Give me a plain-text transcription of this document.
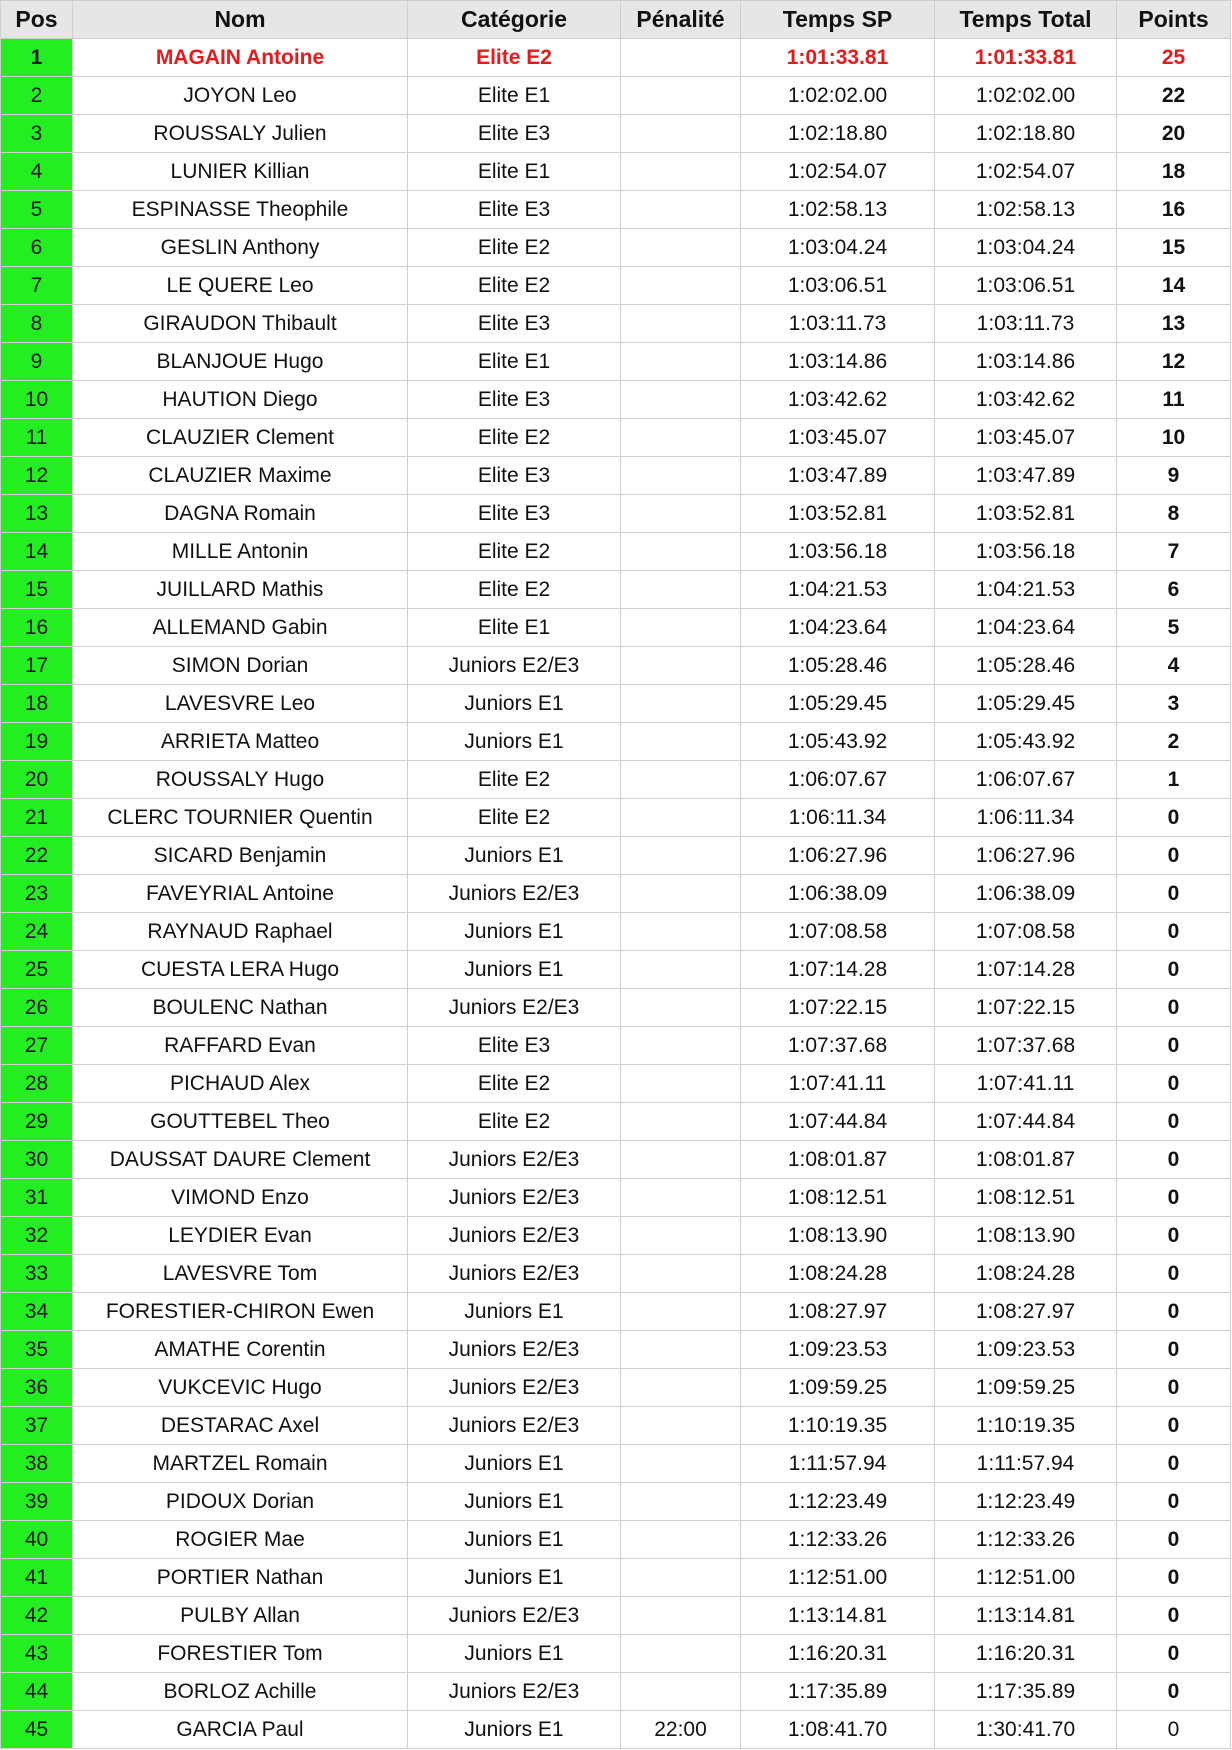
Pos	Nom	Catégorie	Pénalité	Temps SP	Temps Total	Points
1	MAGAIN Antoine	Elite E2		1:01:33.81	1:01:33.81	25
2	JOYON Leo	Elite E1		1:02:02.00	1:02:02.00	22
3	ROUSSALY Julien	Elite E3		1:02:18.80	1:02:18.80	20
4	LUNIER Killian	Elite E1		1:02:54.07	1:02:54.07	18
5	ESPINASSE Theophile	Elite E3		1:02:58.13	1:02:58.13	16
6	GESLIN Anthony	Elite E2		1:03:04.24	1:03:04.24	15
7	LE QUERE Leo	Elite E2		1:03:06.51	1:03:06.51	14
8	GIRAUDON Thibault	Elite E3		1:03:11.73	1:03:11.73	13
9	BLANJOUE Hugo	Elite E1		1:03:14.86	1:03:14.86	12
10	HAUTION Diego	Elite E3		1:03:42.62	1:03:42.62	11
11	CLAUZIER Clement	Elite E2		1:03:45.07	1:03:45.07	10
12	CLAUZIER Maxime	Elite E3		1:03:47.89	1:03:47.89	9
13	DAGNA Romain	Elite E3		1:03:52.81	1:03:52.81	8
14	MILLE Antonin	Elite E2		1:03:56.18	1:03:56.18	7
15	JUILLARD Mathis	Elite E2		1:04:21.53	1:04:21.53	6
16	ALLEMAND Gabin	Elite E1		1:04:23.64	1:04:23.64	5
17	SIMON Dorian	Juniors E2/E3		1:05:28.46	1:05:28.46	4
18	LAVESVRE Leo	Juniors E1		1:05:29.45	1:05:29.45	3
19	ARRIETA Matteo	Juniors E1		1:05:43.92	1:05:43.92	2
20	ROUSSALY Hugo	Elite E2		1:06:07.67	1:06:07.67	1
21	CLERC TOURNIER Quentin	Elite E2		1:06:11.34	1:06:11.34	0
22	SICARD Benjamin	Juniors E1		1:06:27.96	1:06:27.96	0
23	FAVEYRIAL Antoine	Juniors E2/E3		1:06:38.09	1:06:38.09	0
24	RAYNAUD Raphael	Juniors E1		1:07:08.58	1:07:08.58	0
25	CUESTA LERA Hugo	Juniors E1		1:07:14.28	1:07:14.28	0
26	BOULENC Nathan	Juniors E2/E3		1:07:22.15	1:07:22.15	0
27	RAFFARD Evan	Elite E3		1:07:37.68	1:07:37.68	0
28	PICHAUD Alex	Elite E2		1:07:41.11	1:07:41.11	0
29	GOUTTEBEL Theo	Elite E2		1:07:44.84	1:07:44.84	0
30	DAUSSAT DAURE Clement	Juniors E2/E3		1:08:01.87	1:08:01.87	0
31	VIMOND Enzo	Juniors E2/E3		1:08:12.51	1:08:12.51	0
32	LEYDIER Evan	Juniors E2/E3		1:08:13.90	1:08:13.90	0
33	LAVESVRE Tom	Juniors E2/E3		1:08:24.28	1:08:24.28	0
34	FORESTIER-CHIRON Ewen	Juniors E1		1:08:27.97	1:08:27.97	0
35	AMATHE Corentin	Juniors E2/E3		1:09:23.53	1:09:23.53	0
36	VUKCEVIC Hugo	Juniors E2/E3		1:09:59.25	1:09:59.25	0
37	DESTARAC Axel	Juniors E2/E3		1:10:19.35	1:10:19.35	0
38	MARTZEL Romain	Juniors E1		1:11:57.94	1:11:57.94	0
39	PIDOUX Dorian	Juniors E1		1:12:23.49	1:12:23.49	0
40	ROGIER Mae	Juniors E1		1:12:33.26	1:12:33.26	0
41	PORTIER Nathan	Juniors E1		1:12:51.00	1:12:51.00	0
42	PULBY Allan	Juniors E2/E3		1:13:14.81	1:13:14.81	0
43	FORESTIER Tom	Juniors E1		1:16:20.31	1:16:20.31	0
44	BORLOZ Achille	Juniors E2/E3		1:17:35.89	1:17:35.89	0
45	GARCIA Paul	Juniors E1	22:00	1:08:41.70	1:30:41.70	0
